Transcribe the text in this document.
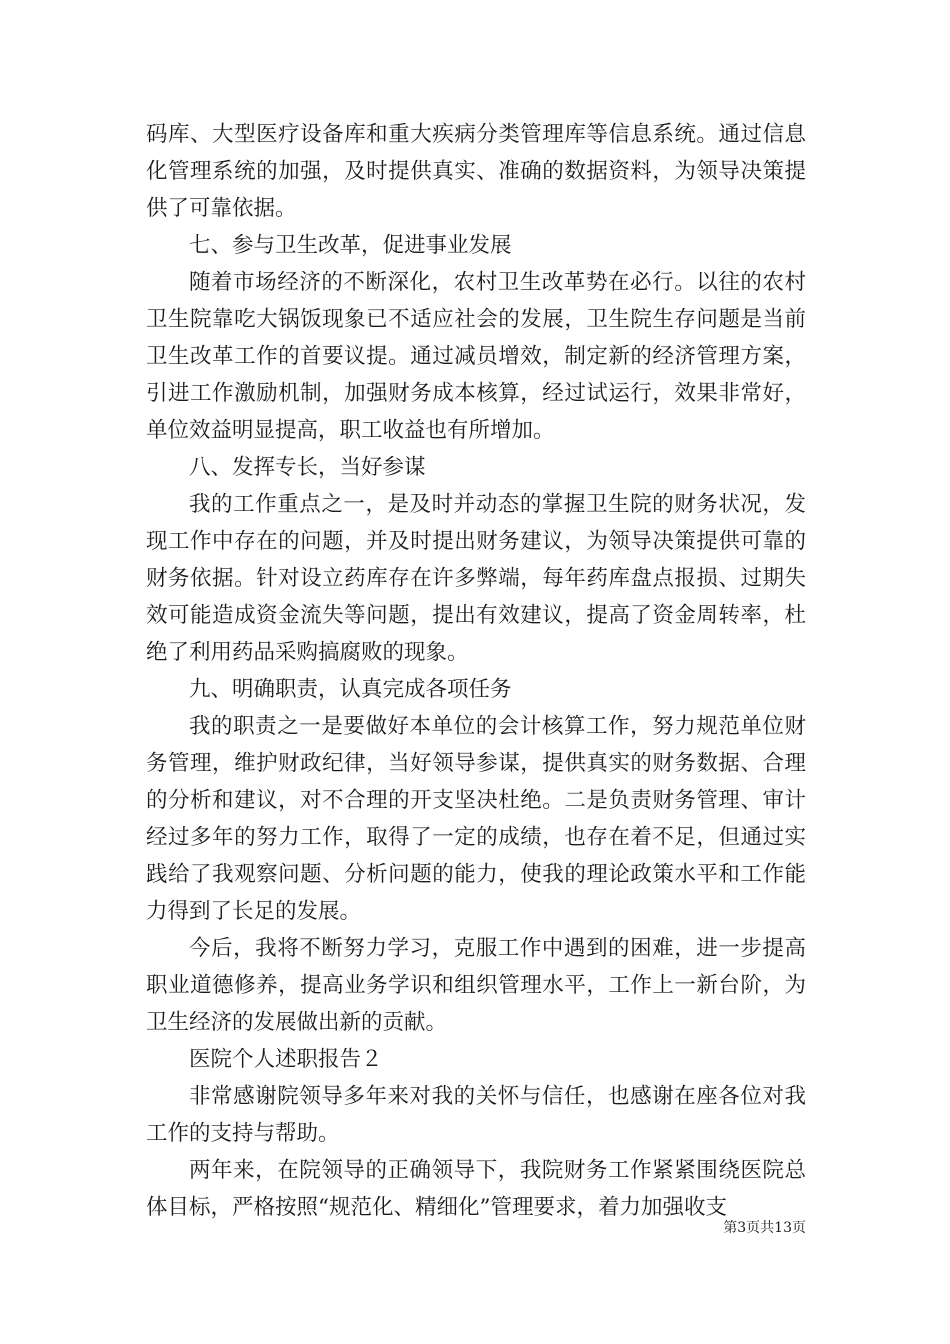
码库、大型医疗设备库和重大疾病分类管理库等信息系统。通过信息化管理系统的加强，及时提供真实、准确的数据资料，为领导决策提供了可靠依据。

七、参与卫生改革，促进事业发展

随着市场经济的不断深化，农村卫生改革势在必行。以往的农村卫生院靠吃大锅饭现象已不适应社会的发展，卫生院生存问题是当前卫生改革工作的首要议提。通过减员增效，制定新的经济管理方案，引进工作激励机制，加强财务成本核算，经过试运行，效果非常好，单位效益明显提高，职工收益也有所增加。

八、发挥专长，当好参谋

我的工作重点之一，是及时并动态的掌握卫生院的财务状况，发现工作中存在的问题，并及时提出财务建议，为领导决策提供可靠的财务依据。针对设立药库存在许多弊端，每年药库盘点报损、过期失效可能造成资金流失等问题，提出有效建议，提高了资金周转率，杜绝了利用药品采购搞腐败的现象。

九、明确职责，认真完成各项任务

我的职责之一是要做好本单位的会计核算工作，努力规范单位财务管理，维护财政纪律，当好领导参谋，提供真实的财务数据、合理的分析和建议，对不合理的开支坚决杜绝。二是负责财务管理、审计经过多年的努力工作，取得了一定的成绩，也存在着不足，但通过实践给了我观察问题、分析问题的能力，使我的理论政策水平和工作能力得到了长足的发展。

今后，我将不断努力学习，克服工作中遇到的困难，进一步提高职业道德修养，提高业务学识和组织管理水平，工作上一新台阶，为卫生经济的发展做出新的贡献。

医院个人述职报告２

非常感谢院领导多年来对我的关怀与信任，也感谢在座各位对我工作的支持与帮助。

两年来，在院领导的正确领导下，我院财务工作紧紧围绕医院总体目标，严格按照“规范化、精细化”管理要求，着力加强收支

第3页共13页
